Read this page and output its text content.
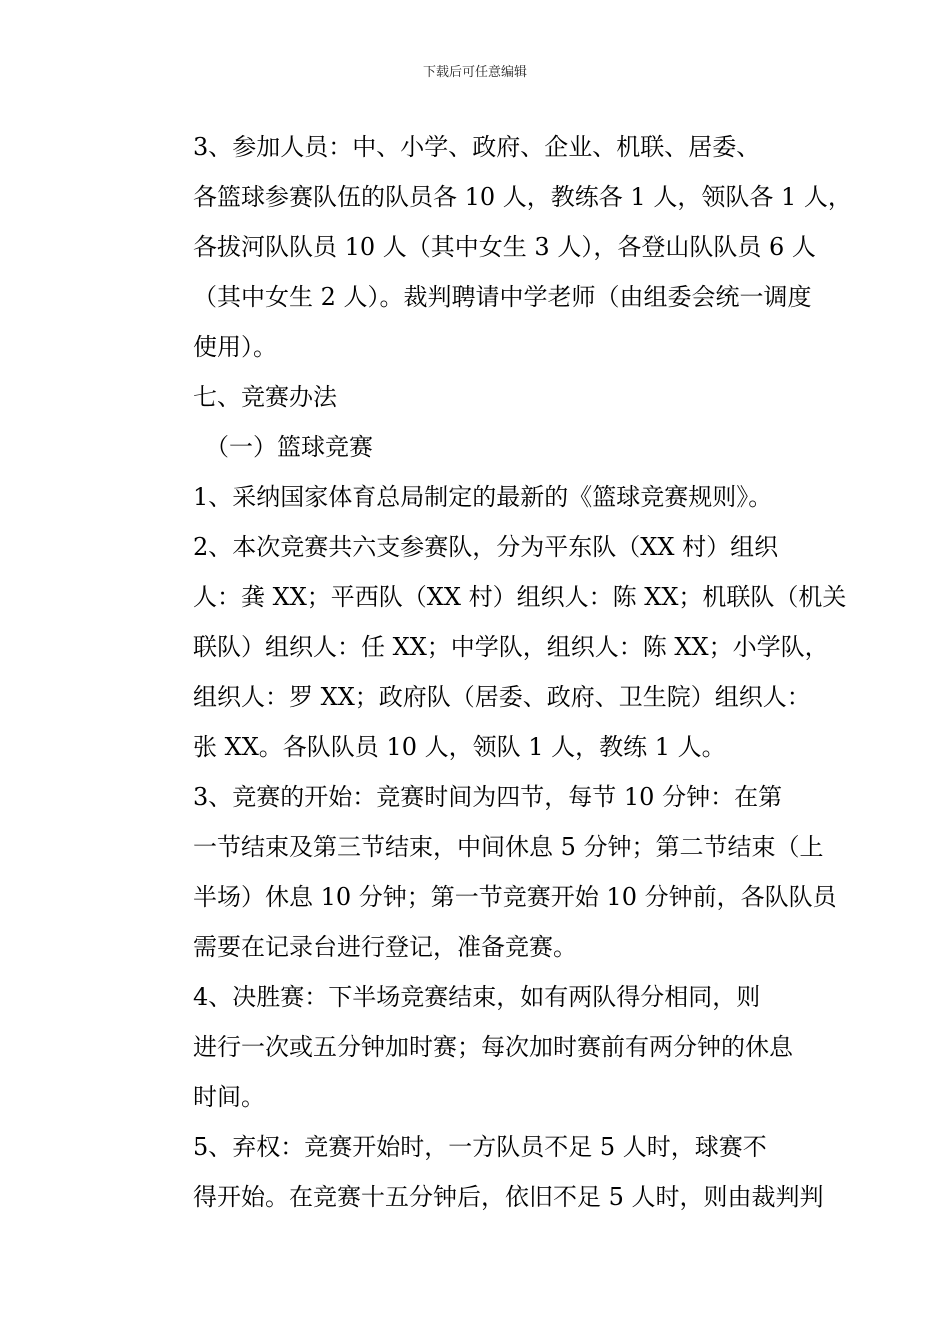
下载后可任意编辑

3、参加人员：中、小学、政府、企业、机联、居委、
各篮球参赛队伍的队员各 10 人，教练各 1 人，领队各 1 人，
各拔河队队员 10 人（其中女生 3 人），各登山队队员 6 人
（其中女生 2 人）。裁判聘请中学老师（由组委会统一调度
使用）。

七、竞赛办法

（一）篮球竞赛

1、采纳国家体育总局制定的最新的《篮球竞赛规则》。

2、本次竞赛共六支参赛队，分为平东队（XX 村）组织
人：龚 XX；平西队（XX 村）组织人：陈 XX；机联队（机关
联队）组织人：任 XX；中学队，组织人：陈 XX；小学队，
组织人：罗 XX；政府队（居委、政府、卫生院）组织人：
张 XX。各队队员 10 人，领队 1 人，教练 1 人。

3、竞赛的开始：竞赛时间为四节，每节 10 分钟：在第
一节结束及第三节结束，中间休息 5 分钟；第二节结束（上
半场）休息 10 分钟；第一节竞赛开始 10 分钟前，各队队员
需要在记录台进行登记，准备竞赛。

4、决胜赛：下半场竞赛结束，如有两队得分相同，则
进行一次或五分钟加时赛；每次加时赛前有两分钟的休息
时间。

5、弃权：竞赛开始时，一方队员不足 5 人时，球赛不
得开始。在竞赛十五分钟后，依旧不足 5 人时，则由裁判判
